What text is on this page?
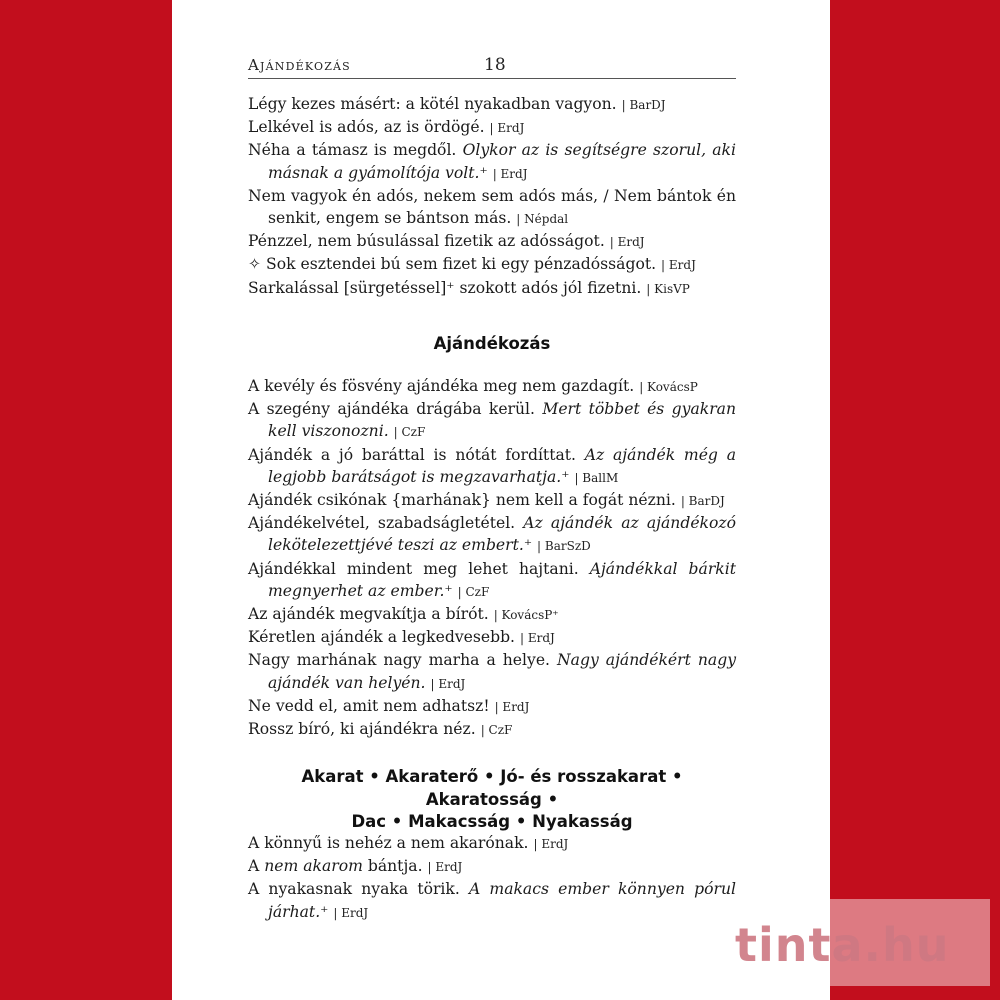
Ajándékozás	18

Légy kezes másért: a kötél nyakadban vagyon. | BarDJ

Lelkével is adós, az is ördögé. | ErdJ

Néha a támasz is megdől. Olykor az is segítségre szorul, aki másnak a gyámolítója volt.⁺ | ErdJ

Nem vagyok én adós, nekem sem adós más, / Nem bántok én senkit, engem se bántson más. | Népdal

Pénzzel, nem búsulással fizetik az adósságot. | ErdJ

✧ Sok esztendei bú sem fizet ki egy pénzadósságot. | ErdJ

Sarkalással [sürgetéssel]⁺ szokott adós jól fizetni. | KisVP

Ajándékozás

A kevély és fösvény ajándéka meg nem gazdagít. | KovácsP

A szegény ajándéka drágába kerül. Mert többet és gyakran kell viszonozni. | CzF

Ajándék a jó baráttal is nótát fordíttat. Az ajándék még a legjobb barátságot is megzavarhatja.⁺ | BallM

Ajándék csikónak {marhának} nem kell a fogát nézni. | BarDJ

Ajándékelvétel, szabadságletétel. Az ajándék az ajándékozó lekötelezettjévé teszi az embert.⁺ | BarSzD

Ajándékkal mindent meg lehet hajtani. Ajándékkal bárkit megnyerhet az ember.⁺ | CzF

Az ajándék megvakítja a bírót. | KovácsP⁺

Kéretlen ajándék a legkedvesebb. | ErdJ

Nagy marhának nagy marha a helye. Nagy ajándékért nagy ajándék van helyén. | ErdJ

Ne vedd el, amit nem adhatsz! | ErdJ

Rossz bíró, ki ajándékra néz. | CzF

Akarat • Akaraterő • Jó- és rosszakarat • Akaratosság •
Dac • Makacsság • Nyakasság

A könnyű is nehéz a nem akarónak. | ErdJ

A nem akarom bántja. | ErdJ

A nyakasnak nyaka törik. A makacs ember könnyen pórul járhat.⁺ | ErdJ

tinta.hu
